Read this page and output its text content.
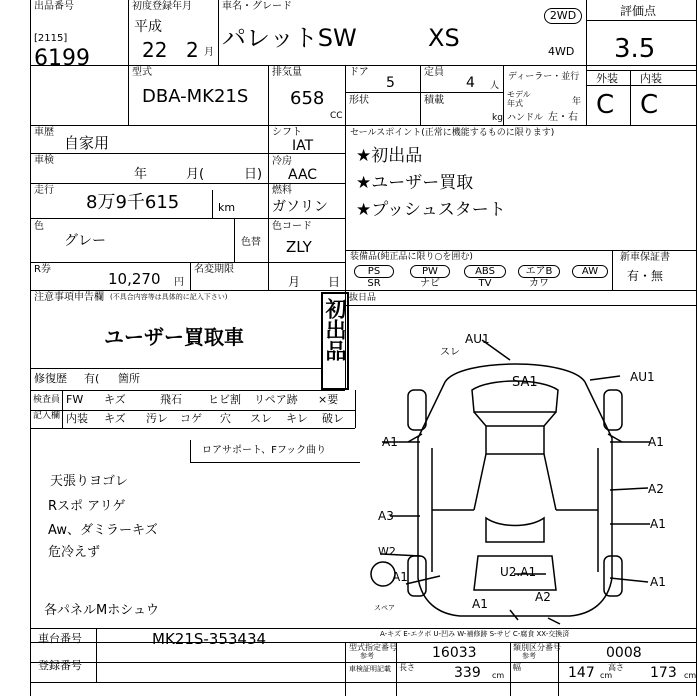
出品番号
[2115]
6199
初度登録年月
平成
22 2 月
車名・グレード
パレットSW	XS
2WD
4WD
評価点
3.5
型式
DBA-MK21S
排気量
658
CC
ドア
5
定員
4 人
形状	積載
kg
ディーラー・並行
モデル年式	年
ハンドル 左・右
外装 内装
C C
車歴
自家用
車検
年	月(	日)
走行
8万9千615	km
色
グレー	色替
R券
10,270 円
名変期限
月 日
シフト
IAT
冷房
AAC
燃料
ガソリン
色コード
ZLY
セールスポイント(正常に機能するものに限ります)
★初出品
★ユーザー買取
★プッシュスタート
装備品(純正品に限り○を囲む)
PS	PW	ABS	エアB	AW
SR	ナビ	TV	カワ
新車保証書
有・無
注意事項申告欄 (不具合内容等は具体的に記入下さい)
ユーザー買取車	初出品
修復歴 有( 箇所
抜日品
検査員
記入欄
FW キズ	飛石 ヒビ割 リペア跡 ×要
内装 キズ 汚レ コゲ 穴 スレ キレ 破レ
ロアサポート、Fフック曲り
天張りヨゴレ
Rスポ アリゲ
Aw、ダミラーキズ
危冷えず
各パネルMホシュウ
AU1
スレ
SA1	AU1
A1	A1
A2
A3
A1
W2
A1	A1
U2.A1
A1	A2
スペア
A-キズ E-エクボ U-凹み W-補修跡 S-サビ C-腐食 XX-交換済
車台番号	MK21S-353434
登録番号
型式指定番号
参考	16033	類別区分番号
参考	0008
車検証明記載 長さ	339 cm
幅	147 cm
高さ 173 cm
